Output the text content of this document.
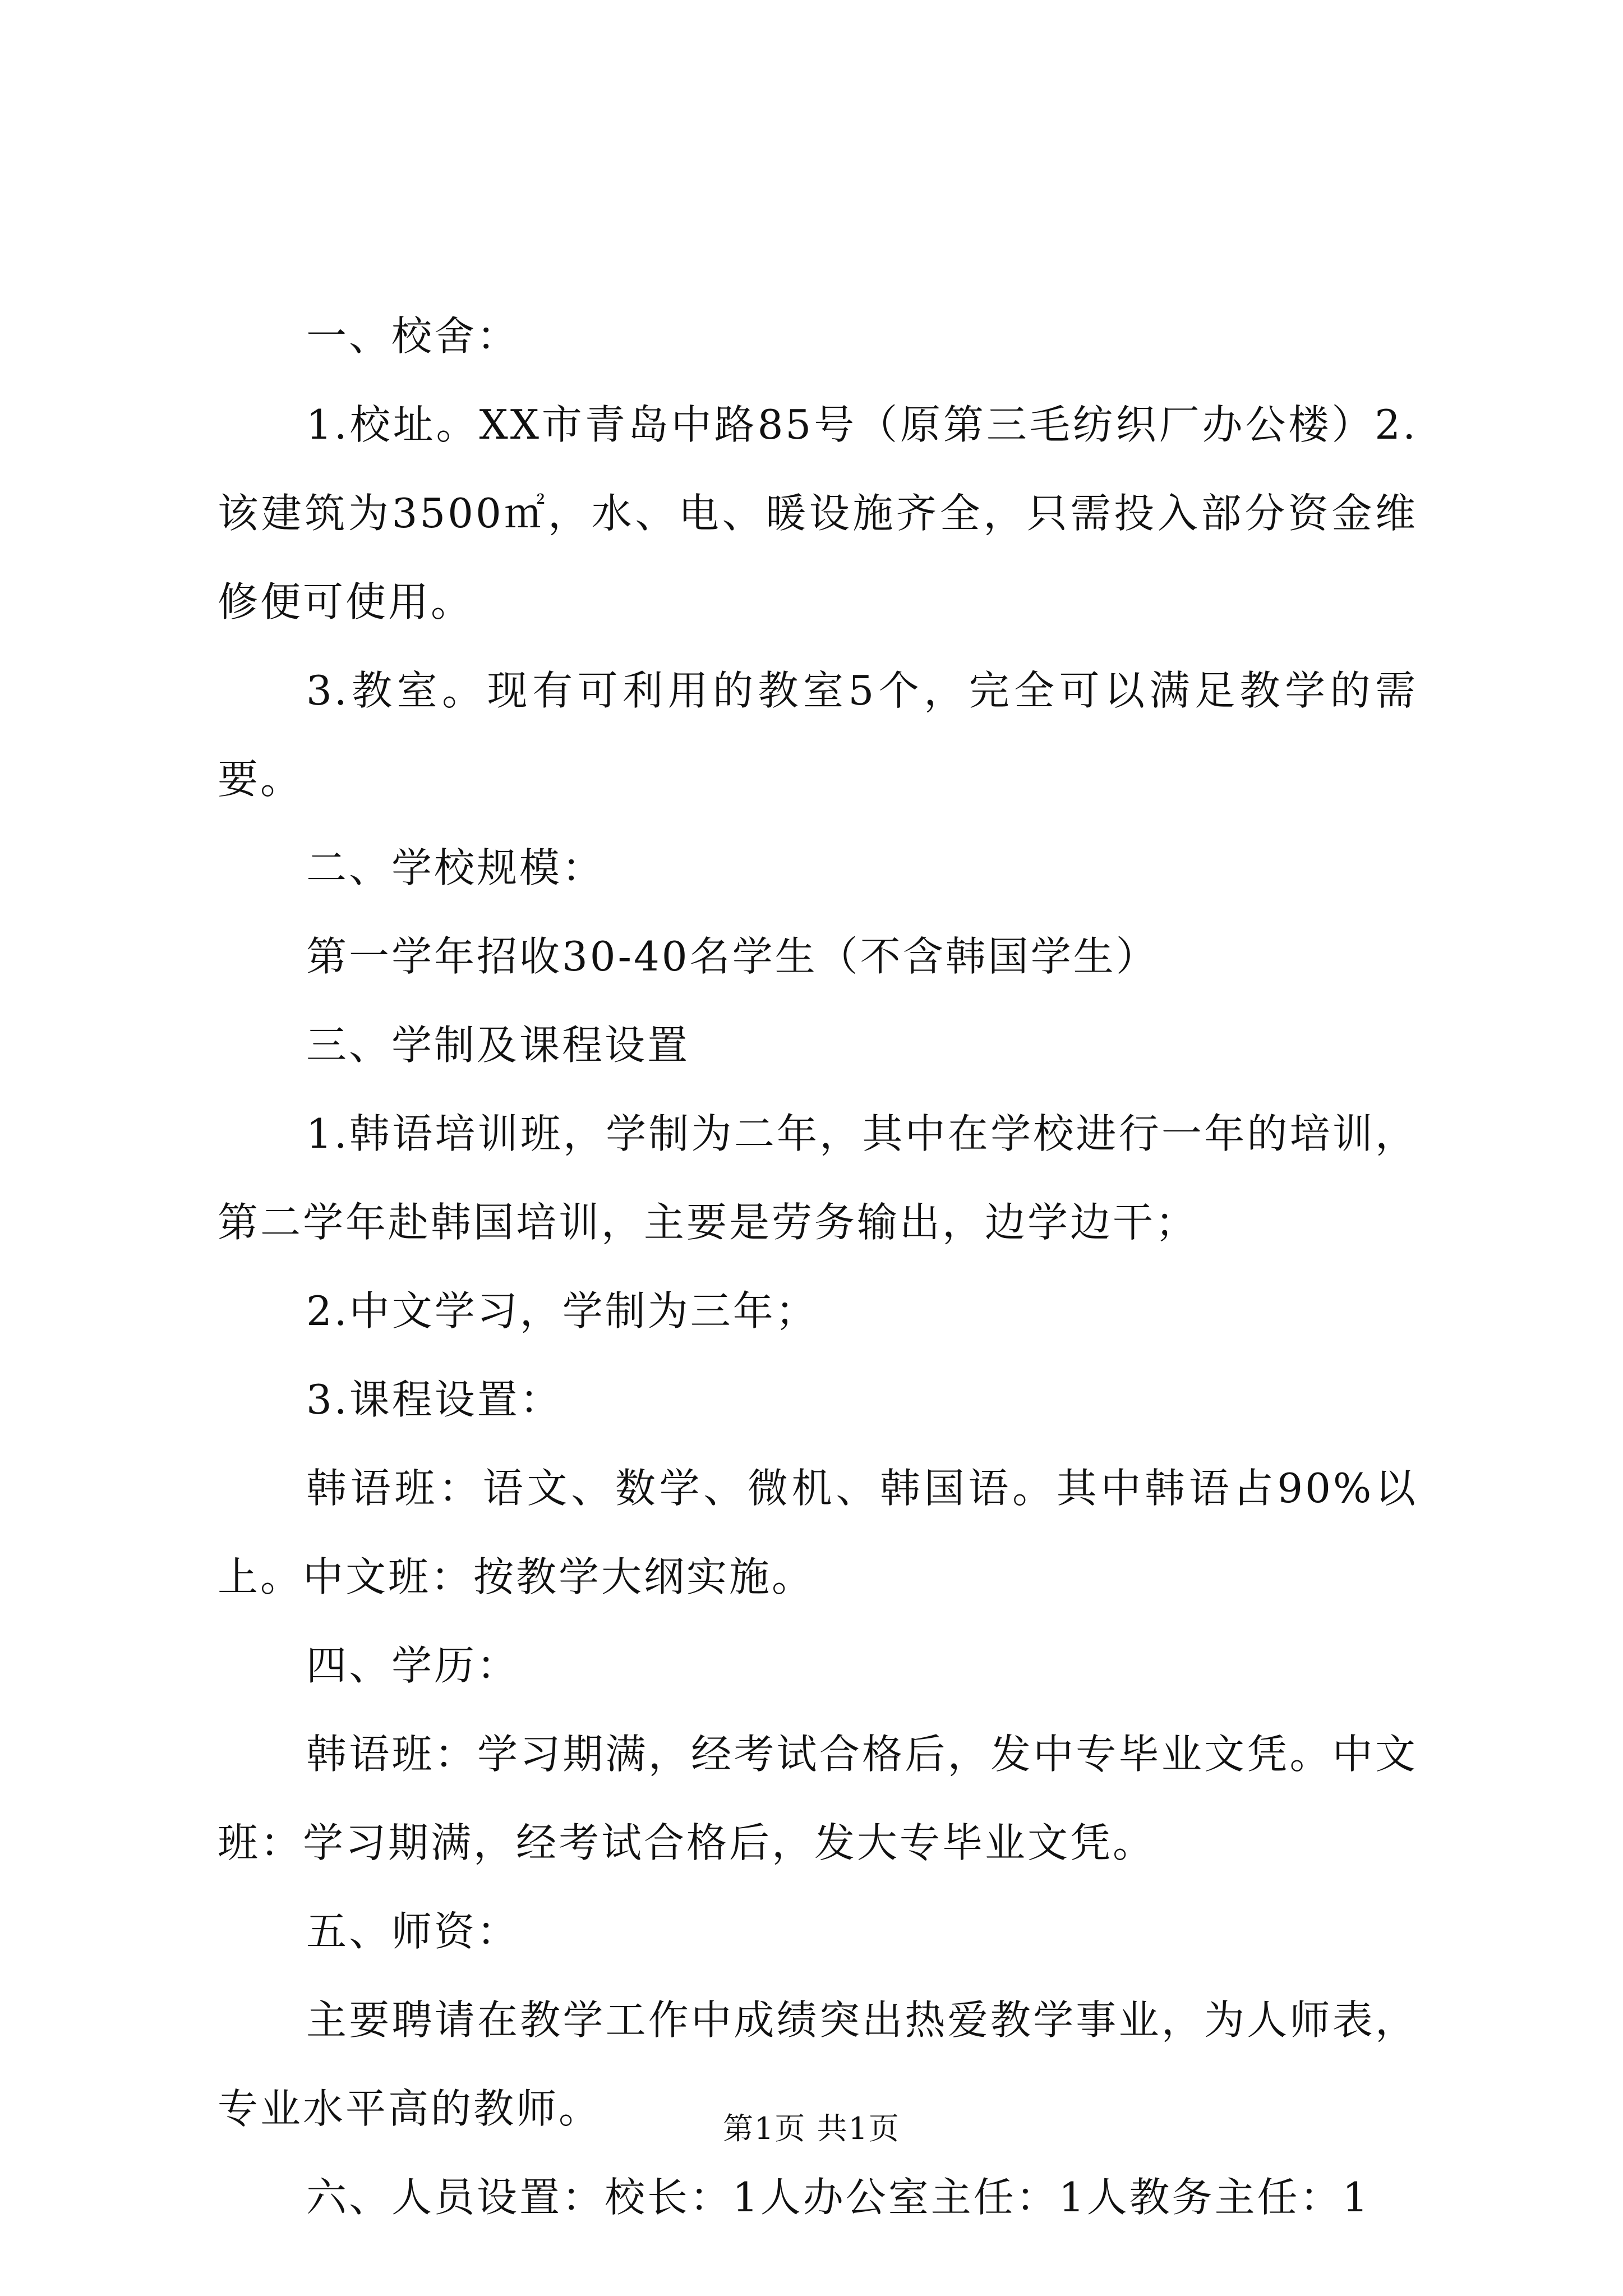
一、校舍：

1.校址。XX市青岛中路85号（原第三毛纺织厂办公楼）2.该建筑为3500㎡，水、电、暖设施齐全，只需投入部分资金维修便可使用。

3.教室。现有可利用的教室5个，完全可以满足教学的需要。

二、学校规模：

第一学年招收30-40名学生（不含韩国学生）

三、学制及课程设置

1.韩语培训班，学制为二年，其中在学校进行一年的培训，第二学年赴韩国培训，主要是劳务输出，边学边干；

2.中文学习，学制为三年；

3.课程设置：

韩语班：语文、数学、微机、韩国语。其中韩语占90%以上。中文班：按教学大纲实施。

四、学历：

韩语班：学习期满，经考试合格后，发中专毕业文凭。中文班：学习期满，经考试合格后，发大专毕业文凭。

五、师资：

主要聘请在教学工作中成绩突出热爱教学事业，为人师表，专业水平高的教师。

六、人员设置：校长：1人办公室主任：1人教务主任：1

第1页 共1页
